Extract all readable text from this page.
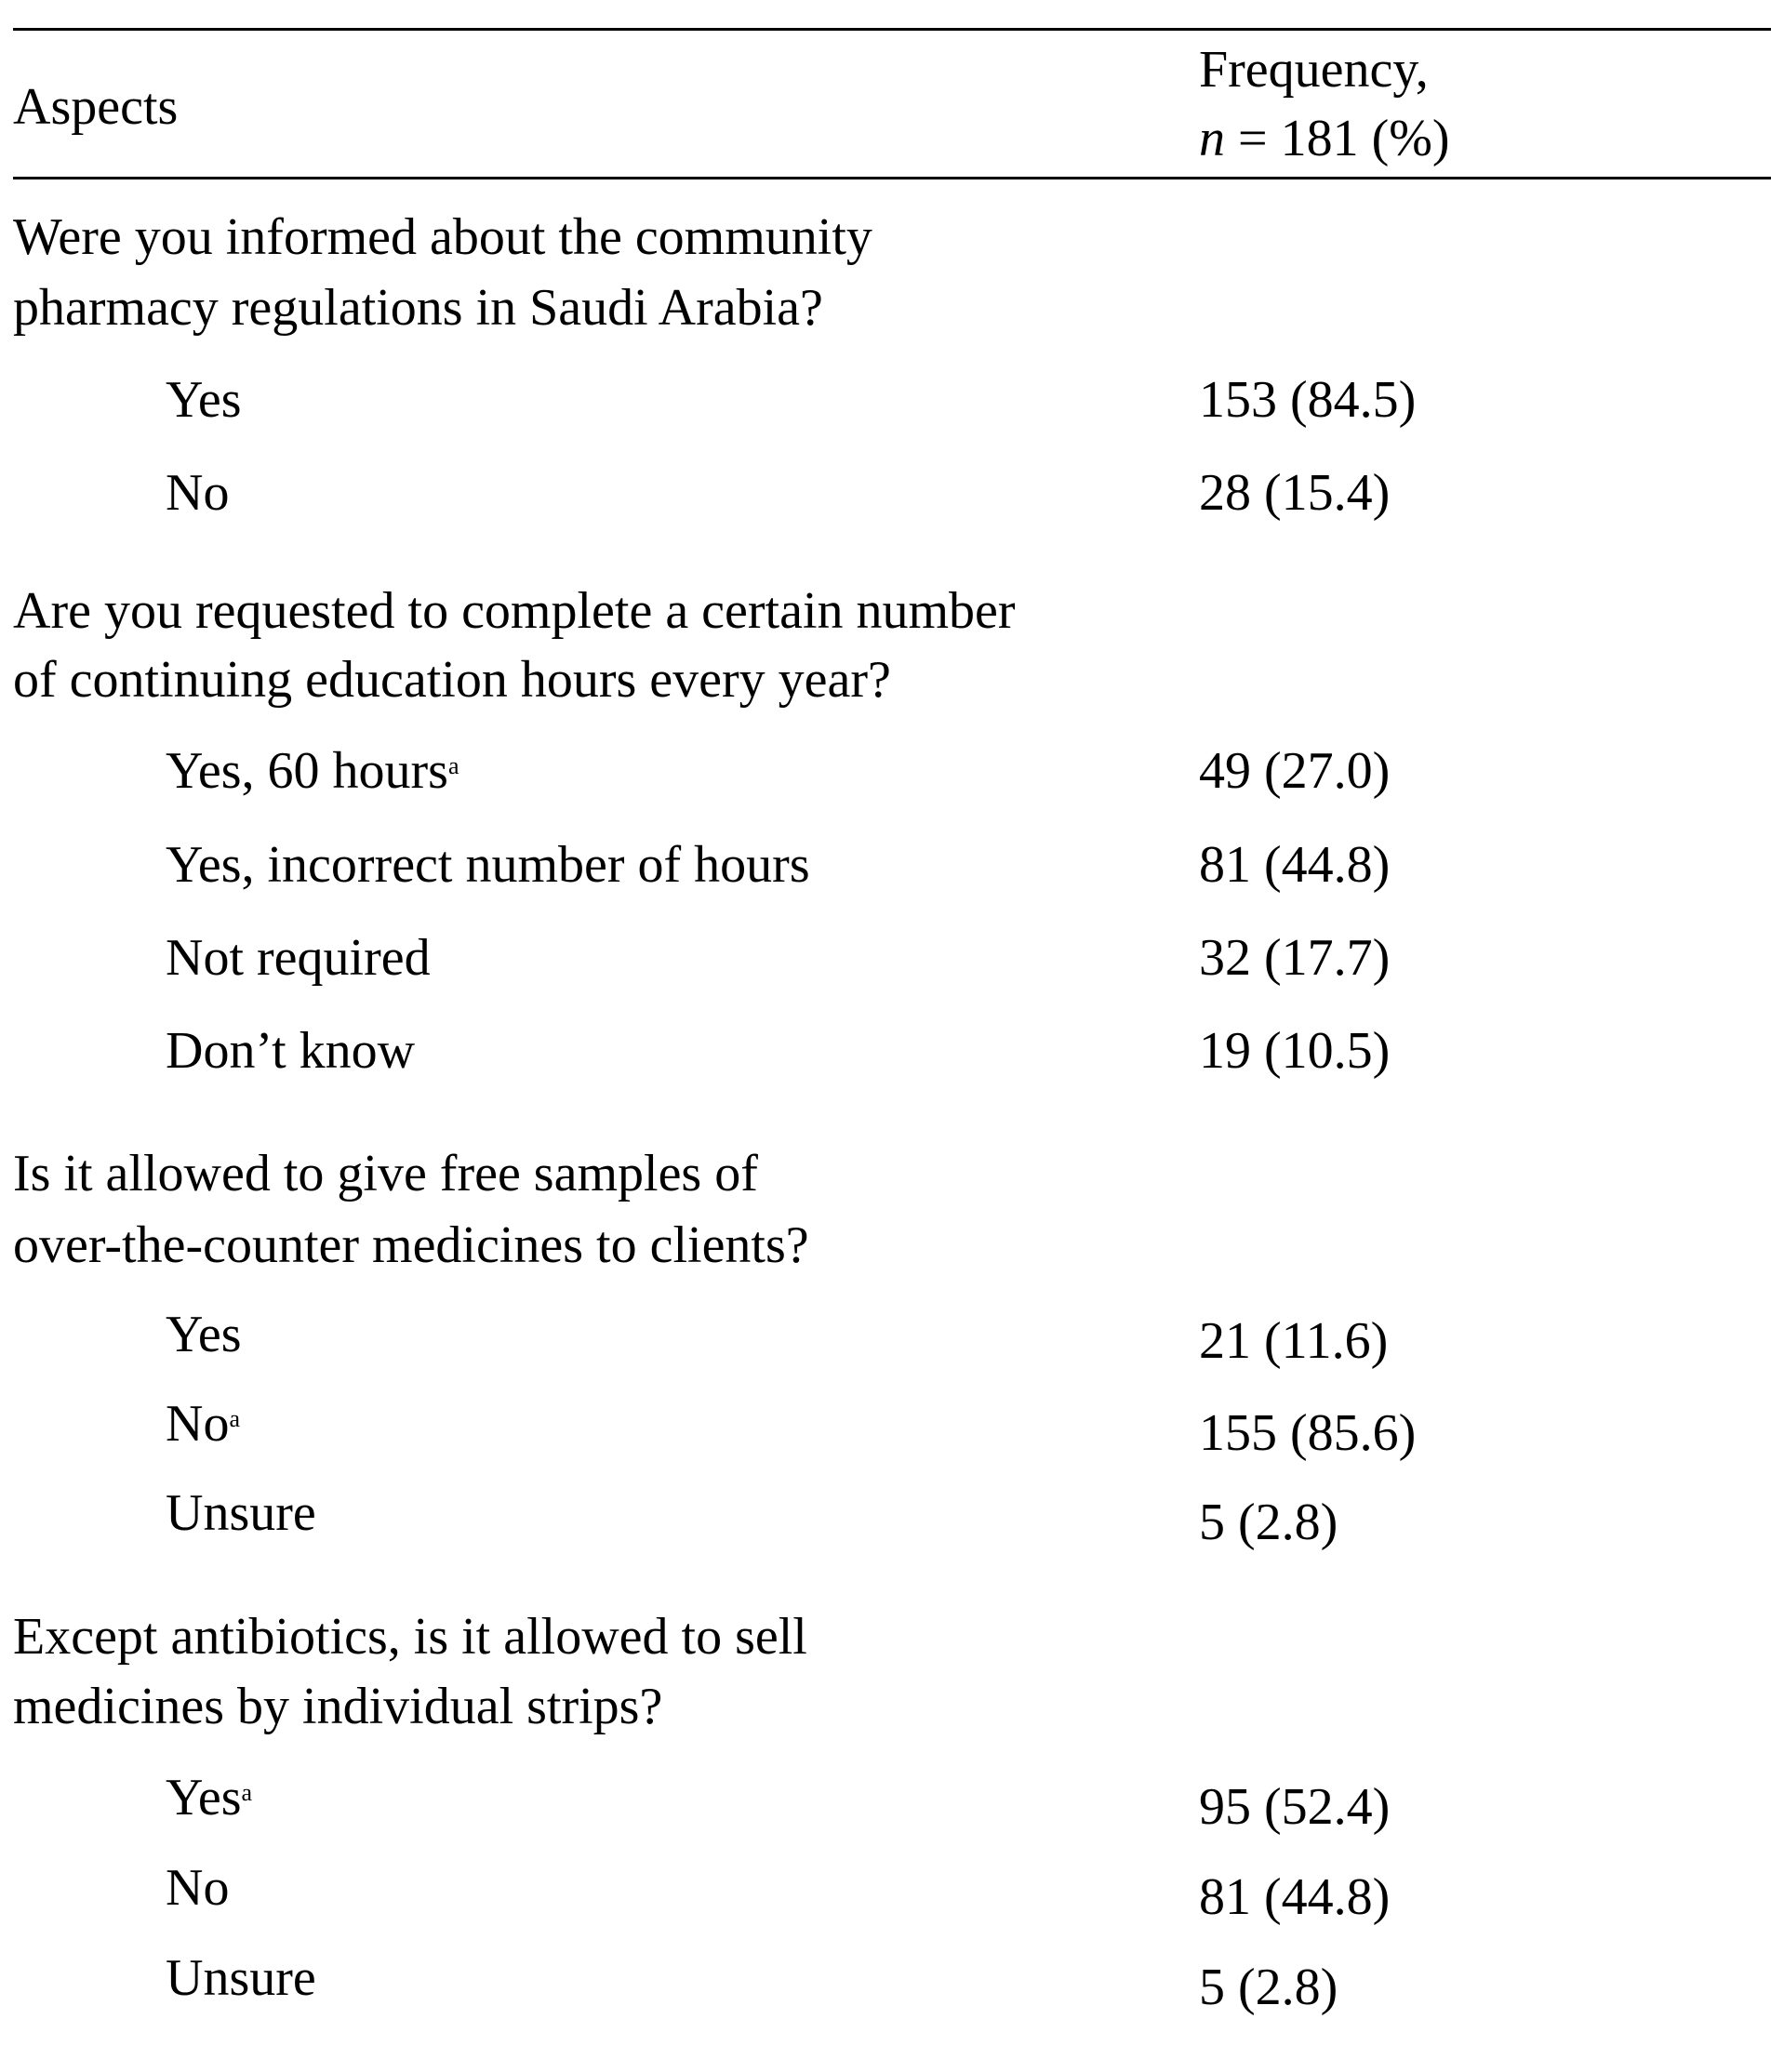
Aspects
Frequency,
n = 181 (%)
Were you informed about the community
pharmacy regulations in Saudi Arabia?
Yes	153 (84.5)
No	28 (15.4)
Are you requested to complete a certain number
of continuing education hours every year?
Yes, 60 hours$^a$	49 (27.0)
Yes, incorrect number of hours	81 (44.8)
Not required	32 (17.7)
Don’t know	19 (10.5)
Is it allowed to give free samples of
over-the-counter medicines to clients?
Yes	21 (11.6)
No$^a$	155 (85.6)
Unsure	5 (2.8)
Except antibiotics, is it allowed to sell
medicines by individual strips?
Yes$^a$	95 (52.4)
No	81 (44.8)
Unsure	5 (2.8)
